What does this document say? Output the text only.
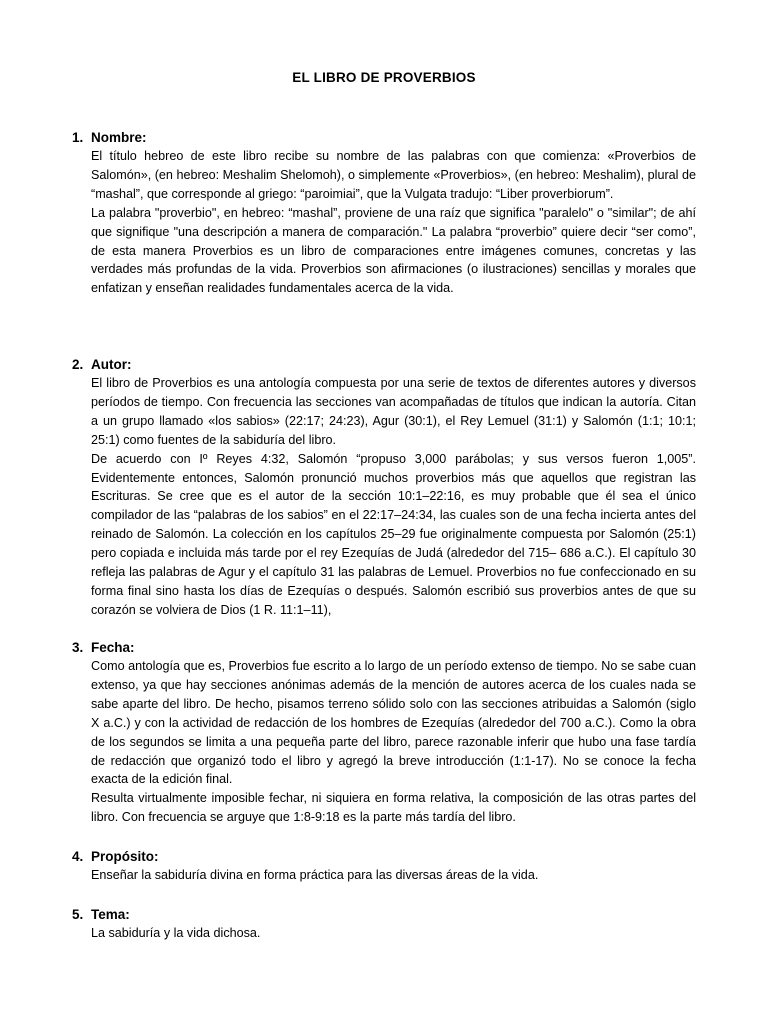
EL LIBRO DE PROVERBIOS
1. Nombre:

El título hebreo de este libro recibe su nombre de las palabras con que comienza: «Proverbios de Salomón», (en hebreo: Meshalim Shelomoh), o simplemente «Proverbios», (en hebreo: Meshalim), plural de “mashal”, que corresponde al griego: “paroimiai”, que la Vulgata tradujo: “Liber proverbiorum”.

La palabra "proverbio", en hebreo: “mashal”, proviene de una raíz que significa "paralelo" o "similar"; de ahí que signifique "una descripción a manera de comparación." La palabra “proverbio” quiere decir “ser como”, de esta manera Proverbios es un libro de comparaciones entre imágenes comunes, concretas y las verdades más profundas de la vida. Proverbios son afirmaciones (o ilustraciones) sencillas y morales que enfatizan y enseñan realidades fundamentales acerca de la vida.

2. Autor:

El libro de Proverbios es una antología compuesta por una serie de textos de diferentes autores y diversos períodos de tiempo. Con frecuencia las secciones van acompañadas de títulos que indican la autoría. Citan a un grupo llamado «los sabios» (22:17; 24:23), Agur (30:1), el Rey Lemuel (31:1) y Salomón (1:1; 10:1; 25:1) como fuentes de la sabiduría del libro.

De acuerdo con Iº Reyes 4:32, Salomón “propuso 3,000 parábolas; y sus versos fueron 1,005”. Evidentemente entonces, Salomón pronunció muchos proverbios más que aquellos que registran las Escrituras. Se cree que es el autor de la sección 10:1–22:16, es muy probable que él sea el único compilador de las “palabras de los sabios” en el 22:17–24:34, las cuales son de una fecha incierta antes del reinado de Salomón. La colección en los capítulos 25–29 fue originalmente compuesta por Salomón (25:1) pero copiada e incluida más tarde por el rey Ezequías de Judá (alrededor del 715– 686 a.C.). El capítulo 30 refleja las palabras de Agur y el capítulo 31 las palabras de Lemuel. Proverbios no fue confeccionado en su forma final sino hasta los días de Ezequías o después. Salomón escribió sus proverbios antes de que su corazón se volviera de Dios (1 R. 11:1–11),

3. Fecha:

Como antología que es, Proverbios fue escrito a lo largo de un período extenso de tiempo. No se sabe cuan extenso, ya que hay secciones anónimas además de la mención de autores acerca de los cuales nada se sabe aparte del libro. De hecho, pisamos terreno sólido solo con las secciones atribuidas a Salomón (siglo X a.C.) y con la actividad de redacción de los hombres de Ezequías (alrededor del 700 a.C.). Como la obra de los segundos se limita a una pequeña parte del libro, parece razonable inferir que hubo una fase tardía de redacción que organizó todo el libro y agregó la breve introducción (1:1-17). No se conoce la fecha exacta de la edición final.

Resulta virtualmente imposible fechar, ni siquiera en forma relativa, la composición de las otras partes del libro. Con frecuencia se arguye que 1:8-9:18 es la parte más tardía del libro.

4. Propósito:

Enseñar la sabiduría divina en forma práctica para las diversas áreas de la vida.

5. Tema:

La sabiduría y la vida dichosa.
